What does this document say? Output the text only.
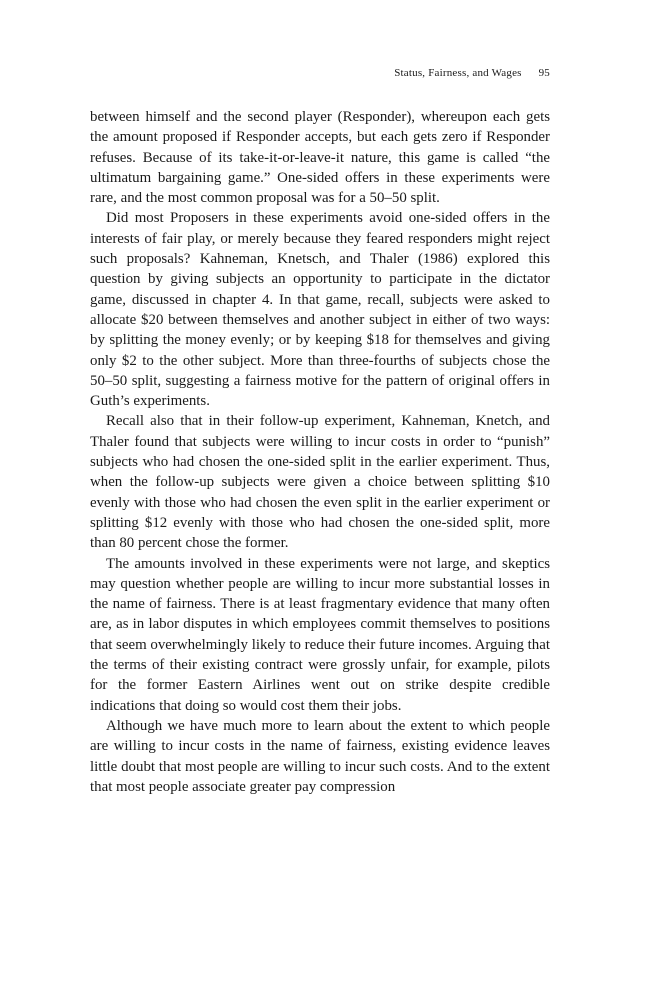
Status, Fairness, and Wages 95

between himself and the second player (Responder), whereupon each gets the amount proposed if Responder accepts, but each gets zero if Responder refuses. Because of its take-it-or-leave-it nature, this game is called “the ultimatum bargaining game.” One-sided offers in these experiments were rare, and the most common proposal was for a 50–50 split.

Did most Proposers in these experiments avoid one-sided offers in the interests of fair play, or merely because they feared responders might reject such proposals? Kahneman, Knetsch, and Thaler (1986) explored this question by giving subjects an opportunity to participate in the dictator game, discussed in chapter 4. In that game, recall, subjects were asked to allocate $20 between themselves and another subject in either of two ways: by splitting the money evenly; or by keeping $18 for themselves and giving only $2 to the other subject. More than three-fourths of subjects chose the 50–50 split, suggesting a fairness motive for the pattern of original offers in Guth’s experiments.

Recall also that in their follow-up experiment, Kahneman, Knetch, and Thaler found that subjects were willing to incur costs in order to “punish” subjects who had chosen the one-sided split in the earlier experiment. Thus, when the follow-up subjects were given a choice between splitting $10 evenly with those who had chosen the even split in the earlier experiment or splitting $12 evenly with those who had chosen the one-sided split, more than 80 percent chose the former.

The amounts involved in these experiments were not large, and skeptics may question whether people are willing to incur more substantial losses in the name of fairness. There is at least fragmentary evidence that many often are, as in labor disputes in which employees commit themselves to positions that seem overwhelmingly likely to reduce their future incomes. Arguing that the terms of their existing contract were grossly unfair, for example, pilots for the former Eastern Airlines went out on strike despite credible indications that doing so would cost them their jobs.

Although we have much more to learn about the extent to which people are willing to incur costs in the name of fairness, existing evidence leaves little doubt that most people are willing to incur such costs. And to the extent that most people associate greater pay compression
